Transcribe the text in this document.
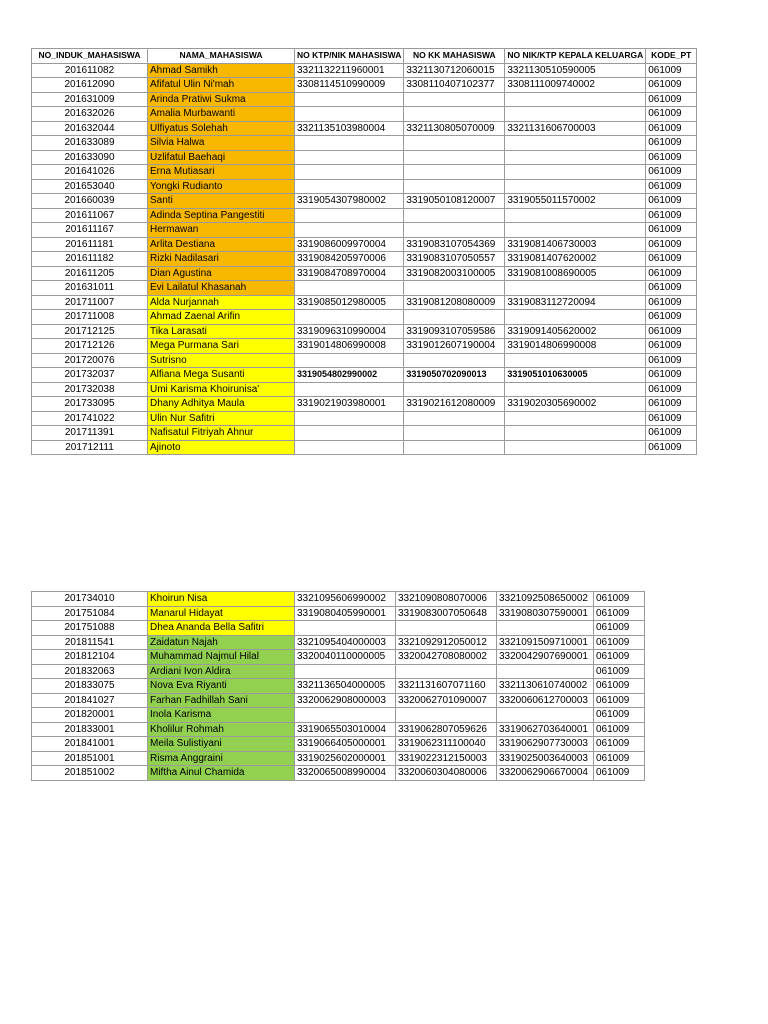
NO_INDUK_MAHASISWA	NAMA_MAHASISWA	NO KTP/NIK MAHASISWA	NO KK MAHASISWA	NO NIK/KTP KEPALA KELUARGA	KODE_PT
201611082	Ahmad Samikh	3321132211960001	3321130712060015	3321130510590005	061009
201612090	Afifatul Ulin Ni'mah	3308114510990009	3308110407102377	3308111009740002	061009
201631009	Arinda Pratiwi Sukma				061009
201632026	Amalia Murbawanti				061009
201632044	Ulfiyatus Solehah	3321135103980004	3321130805070009	3321131606700003	061009
201633089	Silvia Halwa				061009
201633090	Uzlifatul Baehaqi				061009
201641026	Erna Mutiasari				061009
201653040	Yongki Rudianto				061009
201660039	Santi	3319054307980002	3319050108120007	3319055011570002	061009
201611067	Adinda Septina Pangestiti				061009
201611167	Hermawan				061009
201611181	Arlita Destiana	3319086009970004	3319083107054369	3319081406730003	061009
201611182	Rizki Nadilasari	3319084205970006	3319083107050557	3319081407620002	061009
201611205	Dian Agustina	3319084708970004	3319082003100005	3319081008690005	061009
201631011	Evi Lailatul Khasanah				061009
201711007	Alda Nurjannah	3319085012980005	3319081208080009	3319083112720094	061009
201711008	Ahmad Zaenal Arifin				061009
201712125	Tika Larasati	3319096310990004	3319093107059586	3319091405620002	061009
201712126	Mega Purmana Sari	3319014806990008	3319012607190004	3319014806990008	061009
201720076	Sutrisno				061009
201732037	Alfiana Mega Susanti	3319054802990002	3319050702090013	3319051010630005	061009
201732038	Umi Karisma Khoirunisa'				061009
201733095	Dhany Adhitya Maula	3319021903980001	3319021612080009	3319020305690002	061009
201741022	Ulin Nur Safitri				061009
201711391	Nafisatul Fitriyah Ahnur				061009
201712111	Ajinoto				061009
201734010	Khoirun Nisa	3321095606990002	3321090808070006	3321092508650002	061009
201751084	Manarul Hidayat	3319080405990001	3319083007050648	3319080307590001	061009
201751088	Dhea Ananda Bella Safitri				061009
201811541	Zaidatun Najah	3321095404000003	3321092912050012	3321091509710001	061009
201812104	Muhammad Najmul Hilal	3320040110000005	3320042708080002	3320042907690001	061009
201832063	Ardiani Ivon Aldira				061009
201833075	Nova Eva Riyanti	3321136504000005	3321131607071160	3321130610740002	061009
201841027	Farhan Fadhillah Sani	3320062908000003	3320062701090007	3320060612700003	061009
201820001	Inola Karisma				061009
201833001	Kholilur Rohmah	3319065503010004	3319062807059626	3319062703640001	061009
201841001	Meila Sulistiyani	3319066405000001	3319062311100040	3319062907730003	061009
201851001	Risma Anggraini	3319025602000001	3319022312150003	3319025003640003	061009
201851002	Miftha Ainul Chamida	3320065008990004	3320060304080006	3320062906670004	061009
